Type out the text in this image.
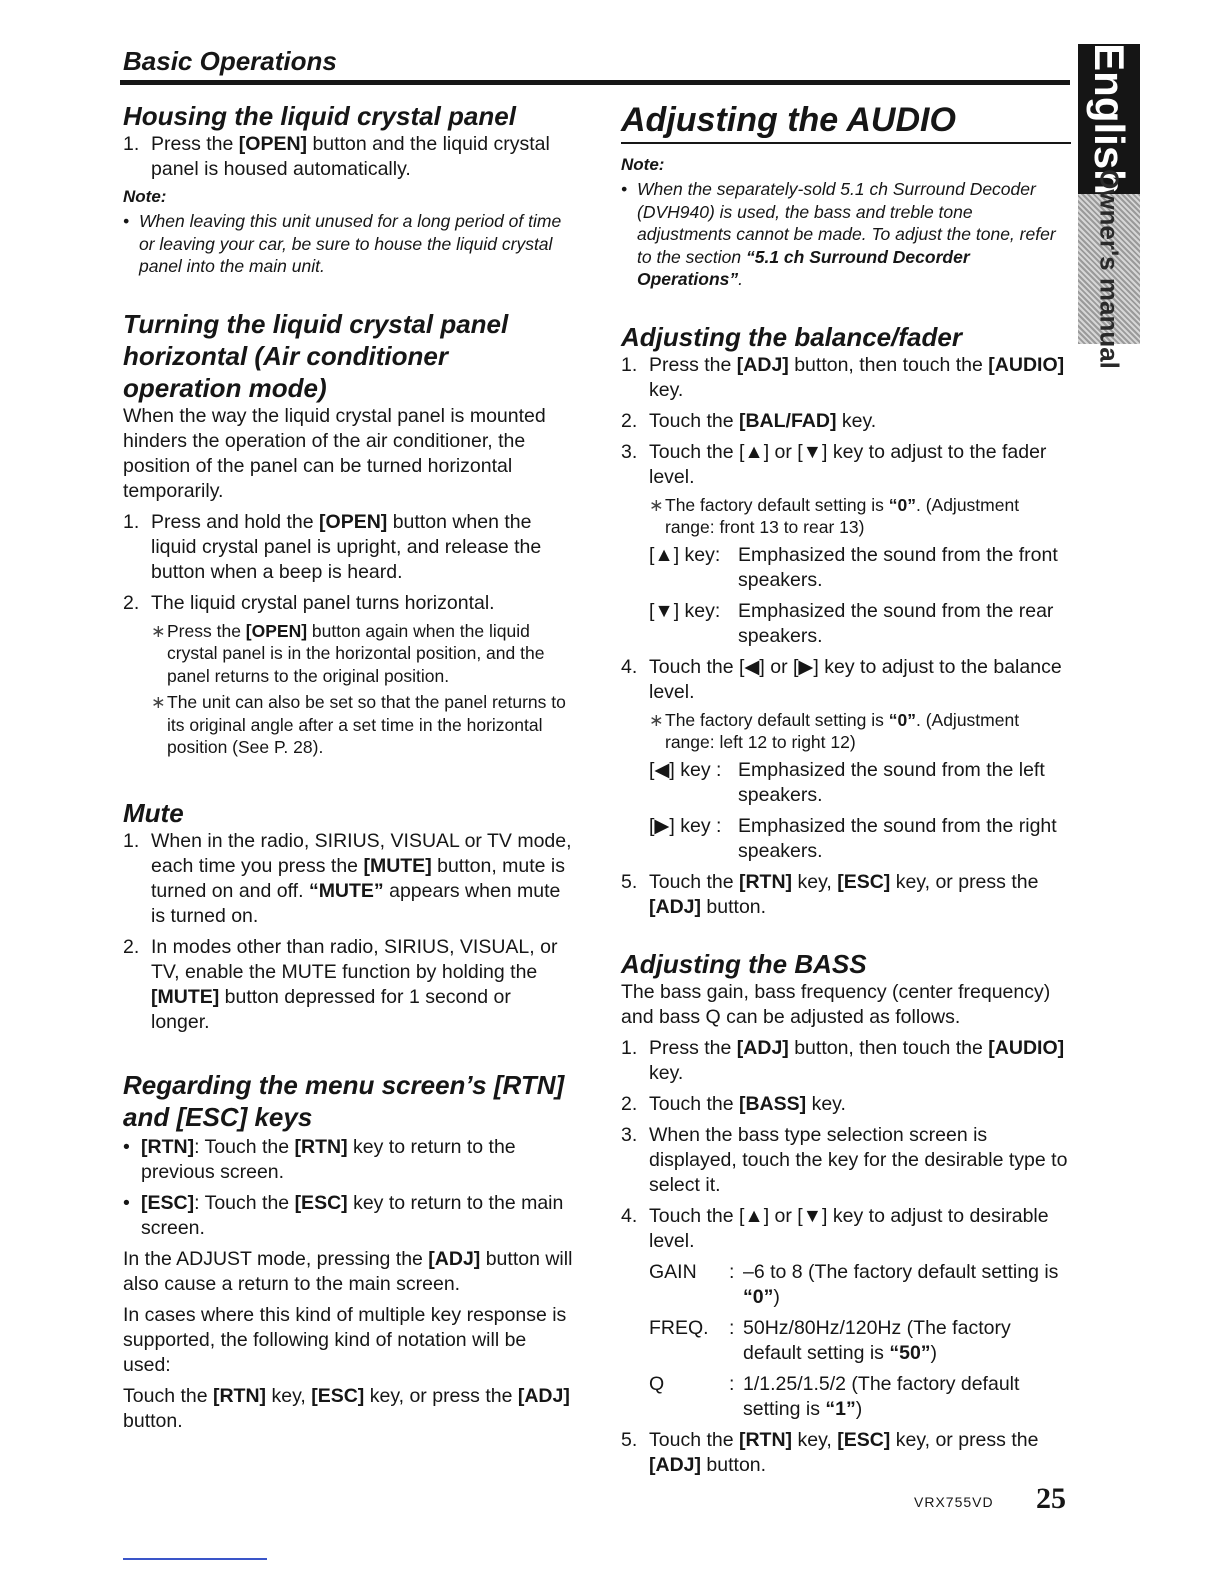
Basic Operations	English
Owner's manual
Housing the liquid crystal panel
1. Press the [OPEN] button and the liquid crystal panel is housed automatically.
Note:
• When leaving this unit unused for a long period of time or leaving your car, be sure to house the liquid crystal panel into the main unit.
Turning the liquid crystal panel horizontal (Air conditioner operation mode)

When the way the liquid crystal panel is mounted hinders the operation of the air conditioner, the position of the panel can be turned horizontal temporarily.

1. Press and hold the [OPEN] button when the liquid crystal panel is upright, and release the button when a beep is heard.
2. The liquid crystal panel turns horizontal.
∗ Press the [OPEN] button again when the liquid crystal panel is in the horizontal position, and the panel returns to the original position.
∗ The unit can also be set so that the panel returns to its original angle after a set time in the horizontal position (See P. 28).
Mute
1. When in the radio, SIRIUS, VISUAL or TV mode, each time you press the [MUTE] button, mute is turned on and off. “MUTE” appears when mute is turned on.
2. In modes other than radio, SIRIUS, VISUAL, or TV, enable the MUTE function by holding the [MUTE] button depressed for 1 second or longer.
Regarding the menu screen’s [RTN] and [ESC] keys
• [RTN]: Touch the [RTN] key to return to the previous screen.
• [ESC]: Touch the [ESC] key to return to the main screen.

In the ADJUST mode, pressing the [ADJ] button will also cause a return to the main screen.

In cases where this kind of multiple key response is supported, the following kind of notation will be used:

Touch the [RTN] key, [ESC] key, or press the [ADJ] button.

Adjusting the AUDIO
Note:
• When the separately-sold 5.1 ch Surround Decoder (DVH940) is used, the bass and treble tone adjustments cannot be made. To adjust the tone, refer to the section “5.1 ch Surround Decorder Operations”.
Adjusting the balance/fader
1. Press the [ADJ] button, then touch the [AUDIO] key.
2. Touch the [BAL/FAD] key.
3. Touch the [▲] or [▼] key to adjust to the fader level.
∗ The factory default setting is “0”. (Adjustment range: front 13 to rear 13)
[▲] key: Emphasized the sound from the front speakers.
[▼] key: Emphasized the sound from the rear speakers.
4. Touch the [◀] or [▶] key to adjust to the balance level.
∗ The factory default setting is “0”. (Adjustment range: left 12 to right 12)
[◀] key : Emphasized the sound from the left speakers.
[▶] key : Emphasized the sound from the right speakers.
5. Touch the [RTN] key, [ESC] key, or press the [ADJ] button.
Adjusting the BASS

The bass gain, bass frequency (center frequency) and bass Q can be adjusted as follows.

1. Press the [ADJ] button, then touch the [AUDIO] key.
2. Touch the [BASS] key.
3. When the bass type selection screen is displayed, touch the key for the desirable type to select it.
4. Touch the [▲] or [▼] key to adjust to desirable level.
GAIN : –6 to 8 (The factory default setting is “0”)
FREQ. : 50Hz/80Hz/120Hz (The factory default setting is “50”)
Q	: 1/1.25/1.5/2 (The factory default setting is “1”)
5. Touch the [RTN] key, [ESC] key, or press the [ADJ] button.
VRX755VD 25
